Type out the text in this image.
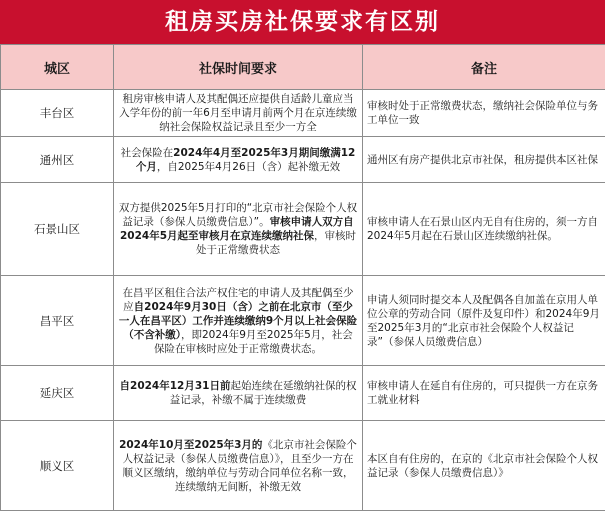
租房买房社保要求有区别
城区	社保时间要求	备注
丰台区	租房审核申请人及其配偶还应提供自适龄儿童应当入学年份的前一年6月至申请月前两个月在京连续缴纳社会保险权益记录且至少一方全	审核时处于正常缴费状态，缴纳社会保险单位与务工单位一致
通州区	社会保险在2024年4月至2025年3月期间缴满12个月，自2025年4月26日（含）起补缴无效	通州区有房产提供北京市社保，租房提供本区社保
石景山区	双方提供2025年5月打印的“北京市社会保险个人权益记录（参保人员缴费信息）”。审核申请人双方自2024年5月起至审核月在京连续缴纳社保，审核时处于正常缴费状态	审核申请人在石景山区内无自有住房的，须一方自2024年5月起在石景山区连续缴纳社保。
昌平区	在昌平区租住合法产权住宅的申请人及其配偶至少应自2024年9月30日（含）之前在北京市（至少一人在昌平区）工作并连续缴纳9个月以上社会保险（不含补缴），即2024年9月至2025年5月，社会保险在审核时应处于正常缴费状态。	申请人须同时提交本人及配偶各自加盖在京用人单位公章的劳动合同（原件及复印件）和2024年9月至2025年3月的“北京市社会保险个人权益记录”（参保人员缴费信息）
延庆区	自2024年12月31日前起始连续在延缴纳社保的权益记录，补缴不属于连续缴费	审核申请人在延自有住房的，可只提供一方在京务工就业材料
顺义区	2024年10月至2025年3月的《北京市社会保险个人权益记录（参保人员缴费信息）》，且至少一方在顺义区缴纳，缴纳单位与劳动合同单位名称一致，连续缴纳无间断，补缴无效	本区自有住房的，在京的《北京市社会保险个人权益记录（参保人员缴费信息）》
